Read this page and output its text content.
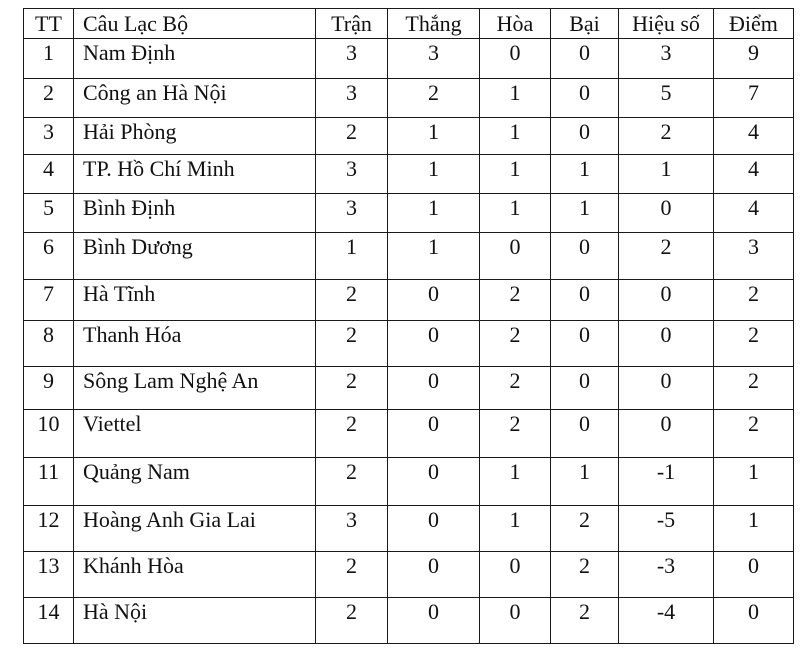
TT	Câu Lạc Bộ	Trận	Thắng	Hòa	Bại	Hiệu số	Điểm
1	Nam Định	3	3	0	0	3	9
2	Công an Hà Nội	3	2	1	0	5	7
3	Hải Phòng	2	1	1	0	2	4
4	TP. Hồ Chí Minh	3	1	1	1	1	4
5	Bình Định	3	1	1	1	0	4
6	Bình Dương	1	1	0	0	2	3
7	Hà Tĩnh	2	0	2	0	0	2
8	Thanh Hóa	2	0	2	0	0	2
9	Sông Lam Nghệ An	2	0	2	0	0	2
10	Viettel	2	0	2	0	0	2
11	Quảng Nam	2	0	1	1	-1	1
12	Hoàng Anh Gia Lai	3	0	1	2	-5	1
13	Khánh Hòa	2	0	0	2	-3	0
14	Hà Nội	2	0	0	2	-4	0
